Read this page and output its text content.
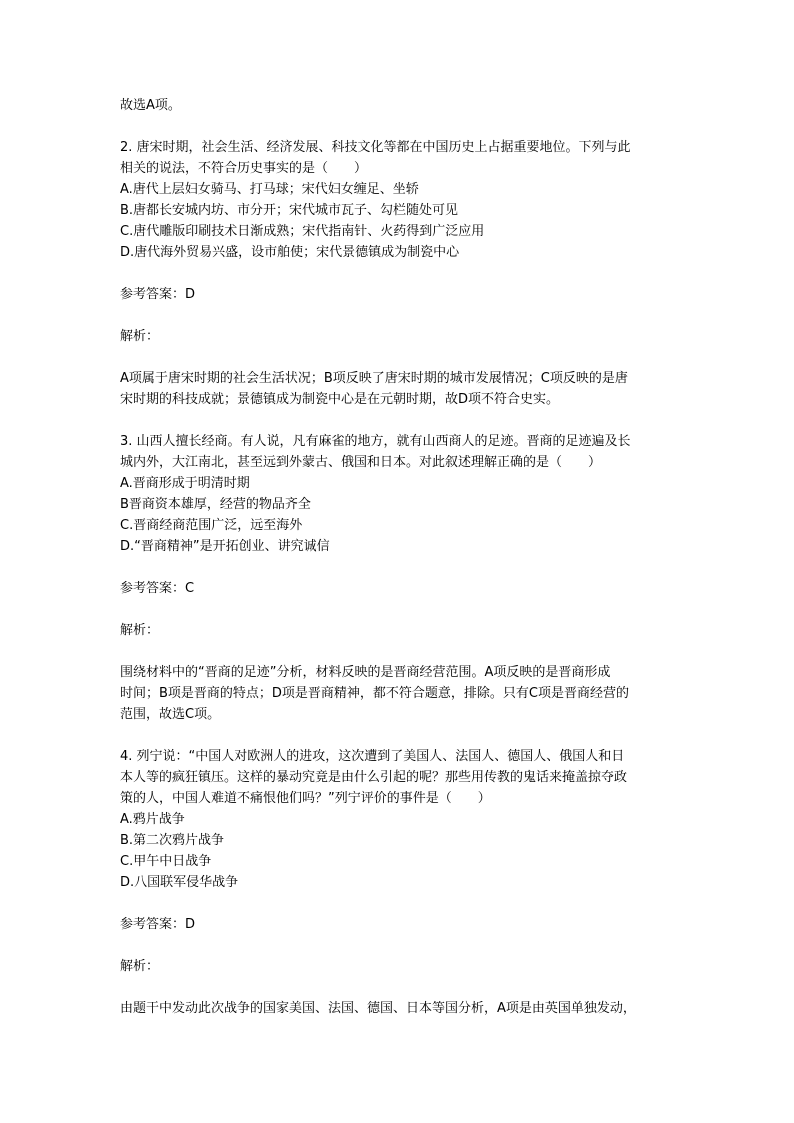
故选A项。

2. 唐宋时期，社会生活、经济发展、科技文化等都在中国历史上占据重要地位。下列与此
相关的说法，不符合历史事实的是（　　）
A.唐代上层妇女骑马、打马球；宋代妇女缠足、坐轿
B.唐都长安城内坊、市分开；宋代城市瓦子、勾栏随处可见
C.唐代雕版印刷技术日渐成熟；宋代指南针、火药得到广泛应用
D.唐代海外贸易兴盛，设市舶使；宋代景德镇成为制瓷中心

参考答案：D

解析：

A项属于唐宋时期的社会生活状况；B项反映了唐宋时期的城市发展情况；C项反映的是唐
宋时期的科技成就；景德镇成为制瓷中心是在元朝时期，故D项不符合史实。
3. 山西人擅长经商。有人说，凡有麻雀的地方，就有山西商人的足迹。晋商的足迹遍及长
城内外，大江南北，甚至远到外蒙古、俄国和日本。对此叙述理解正确的是（　　）
A.晋商形成于明清时期
B晋商资本雄厚，经营的物品齐全
C.晋商经商范围广泛，远至海外
D.“晋商精神”是开拓创业、讲究诚信

参考答案：C

解析：

围绕材料中的“晋商的足迹”分析，材料反映的是晋商经营范围。A项反映的是晋商形成
时间；B项是晋商的特点；D项是晋商精神，都不符合题意，排除。只有C项是晋商经营的
范围，故选C项。
4. 列宁说：“中国人对欧洲人的进攻，这次遭到了美国人、法国人、德国人、俄国人和日
本人等的疯狂镇压。这样的暴动究竟是由什么引起的呢？那些用传教的鬼话来掩盖掠夺政
策的人，中国人难道不痛恨他们吗？”列宁评价的事件是（　　）
A.鸦片战争
B.第二次鸦片战争
C.甲午中日战争
D.八国联军侵华战争

参考答案：D

解析：

由题干中发动此次战争的国家美国、法国、德国、日本等国分析，A项是由英国单独发动，
